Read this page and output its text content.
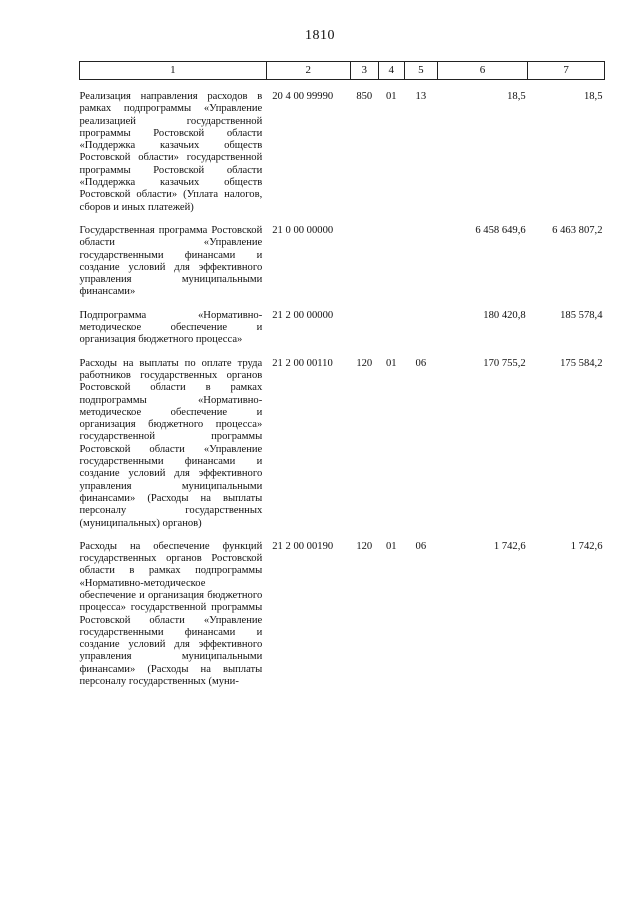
1810
1	2	3	4	5	6	7

Реализация направления расходов в рамках подпрограммы «Управление реализацией государственной программы Ростовской области «Поддержка казачьих обществ Ростовской области» государственной программы Ростовской области «Поддержка казачьих обществ Ростовской области» (Уплата налогов, сборов и иных платежей)	20 4 00 99990	850	01	13	18,5	18,5

Государственная программа Ростовской области «Управление государственными финансами и создание условий для эффективного управления муниципальными финансами»	21 0 00 00000				6 458 649,6	6 463 807,2

Подпрограмма «Нормативно-методическое обеспечение и организация бюджетного процесса»	21 2 00 00000				180 420,8	185 578,4

Расходы на выплаты по оплате труда работников государственных органов Ростовской области в рамках подпрограммы «Нормативно-методическое обеспечение и организация бюджетного процесса» государственной программы Ростовской области «Управление государственными финансами и создание условий для эффективного управления муниципальными финансами» (Расходы на выплаты персоналу государственных (муниципальных) органов)	21 2 00 00110	120	01	06	170 755,2	175 584,2

Расходы на обеспечение функций государственных органов Ростовской области в рамках подпрограммы «Нормативно-методическое обеспечение и организация бюджетного процесса» государственной программы Ростовской области «Управление государственными финансами и создание условий для эффективного управления муниципальными финансами» (Расходы на выплаты персоналу государственных (муни-	21 2 00 00190	120	01	06	1 742,6	1 742,6
